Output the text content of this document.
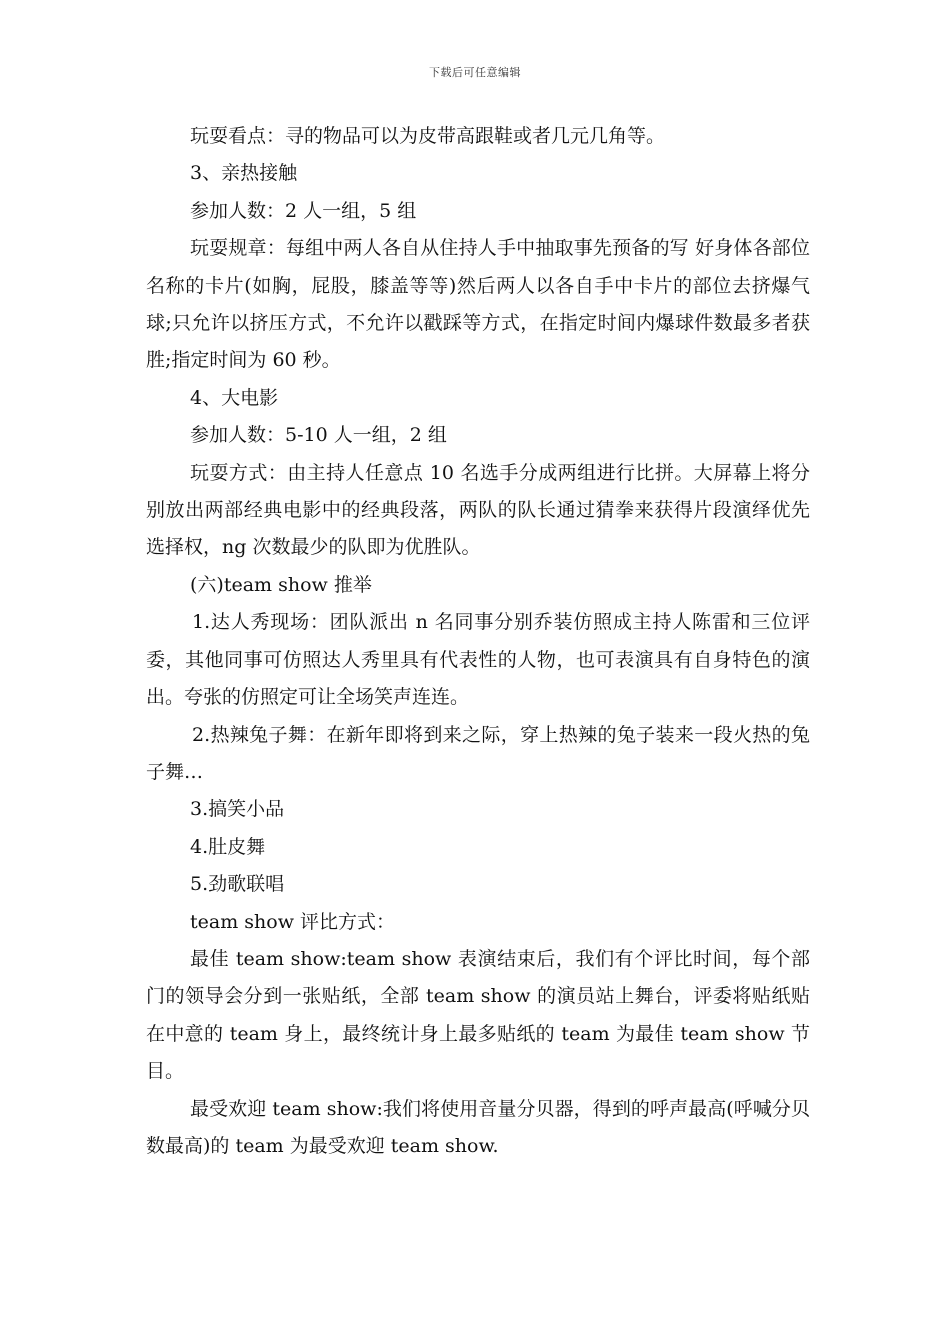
下载后可任意编辑

玩耍看点：寻的物品可以为皮带高跟鞋或者几元几角等。

3、亲热接触

参加人数：2 人一组，5 组

玩耍规章：每组中两人各自从住持人手中抽取事先预备的写 好身体各部位名称的卡片(如胸，屁股，膝盖等等)然后两人以各自手中卡片的部位去挤爆气球;只允许以挤压方式，不允许以戳踩等方式，在指定时间内爆球件数最多者获胜;指定时间为 60 秒。

4、大电影

参加人数：5-10 人一组，2 组

玩耍方式：由主持人任意点 10 名选手分成两组进行比拼。大屏幕上将分别放出两部经典电影中的经典段落，两队的队长通过猜拳来获得片段演绎优先选择权，ng 次数最少的队即为优胜队。

(六)team show 推举

1.达人秀现场：团队派出 n 名同事分别乔装仿照成主持人陈雷和三位评委，其他同事可仿照达人秀里具有代表性的人物，也可表演具有自身特色的演出。夸张的仿照定可让全场笑声连连。

2.热辣兔子舞：在新年即将到来之际，穿上热辣的兔子装来一段火热的兔子舞…

3.搞笑小品

4.肚皮舞

5.劲歌联唱

team show 评比方式：

最佳 team show:team show 表演结束后，我们有个评比时间，每个部门的领导会分到一张贴纸，全部 team show 的演员站上舞台，评委将贴纸贴在中意的 team 身上，最终统计身上最多贴纸的 team 为最佳 team show 节目。

最受欢迎 team show:我们将使用音量分贝器，得到的呼声最高(呼喊分贝数最高)的 team 为最受欢迎 team show.
